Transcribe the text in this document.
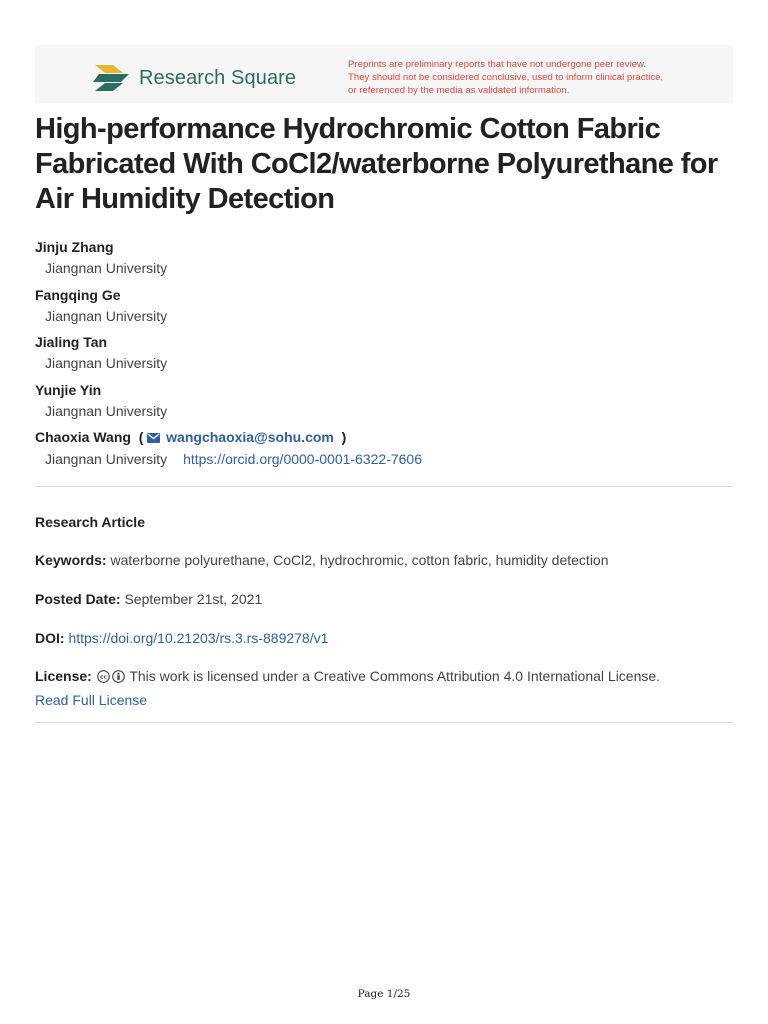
Research Square
Preprints are preliminary reports that have not undergone peer review.
They should not be considered conclusive, used to inform clinical practice,
or referenced by the media as validated information.
High-performance Hydrochromic Cotton Fabric
Fabricated With CoCl2/waterborne Polyurethane for
Air Humidity Detection
Jinju Zhang
Jiangnan University
Fangqing Ge
Jiangnan University
Jialing Tan
Jiangnan University
Yunjie Yin
Jiangnan University
Chaoxia Wang  ( wangchaoxia@sohu.com  )
Jiangnan University https://orcid.org/0000-0001-6322-7606
Research Article
Keywords: waterborne polyurethane, CoCl2, hydrochromic, cotton fabric, humidity detection
Posted Date: September 21st, 2021
DOI: https://doi.org/10.21203/rs.3.rs-889278/v1
License: cc This work is licensed under a Creative Commons Attribution 4.0 International License.
Read Full License
Page 1/25
